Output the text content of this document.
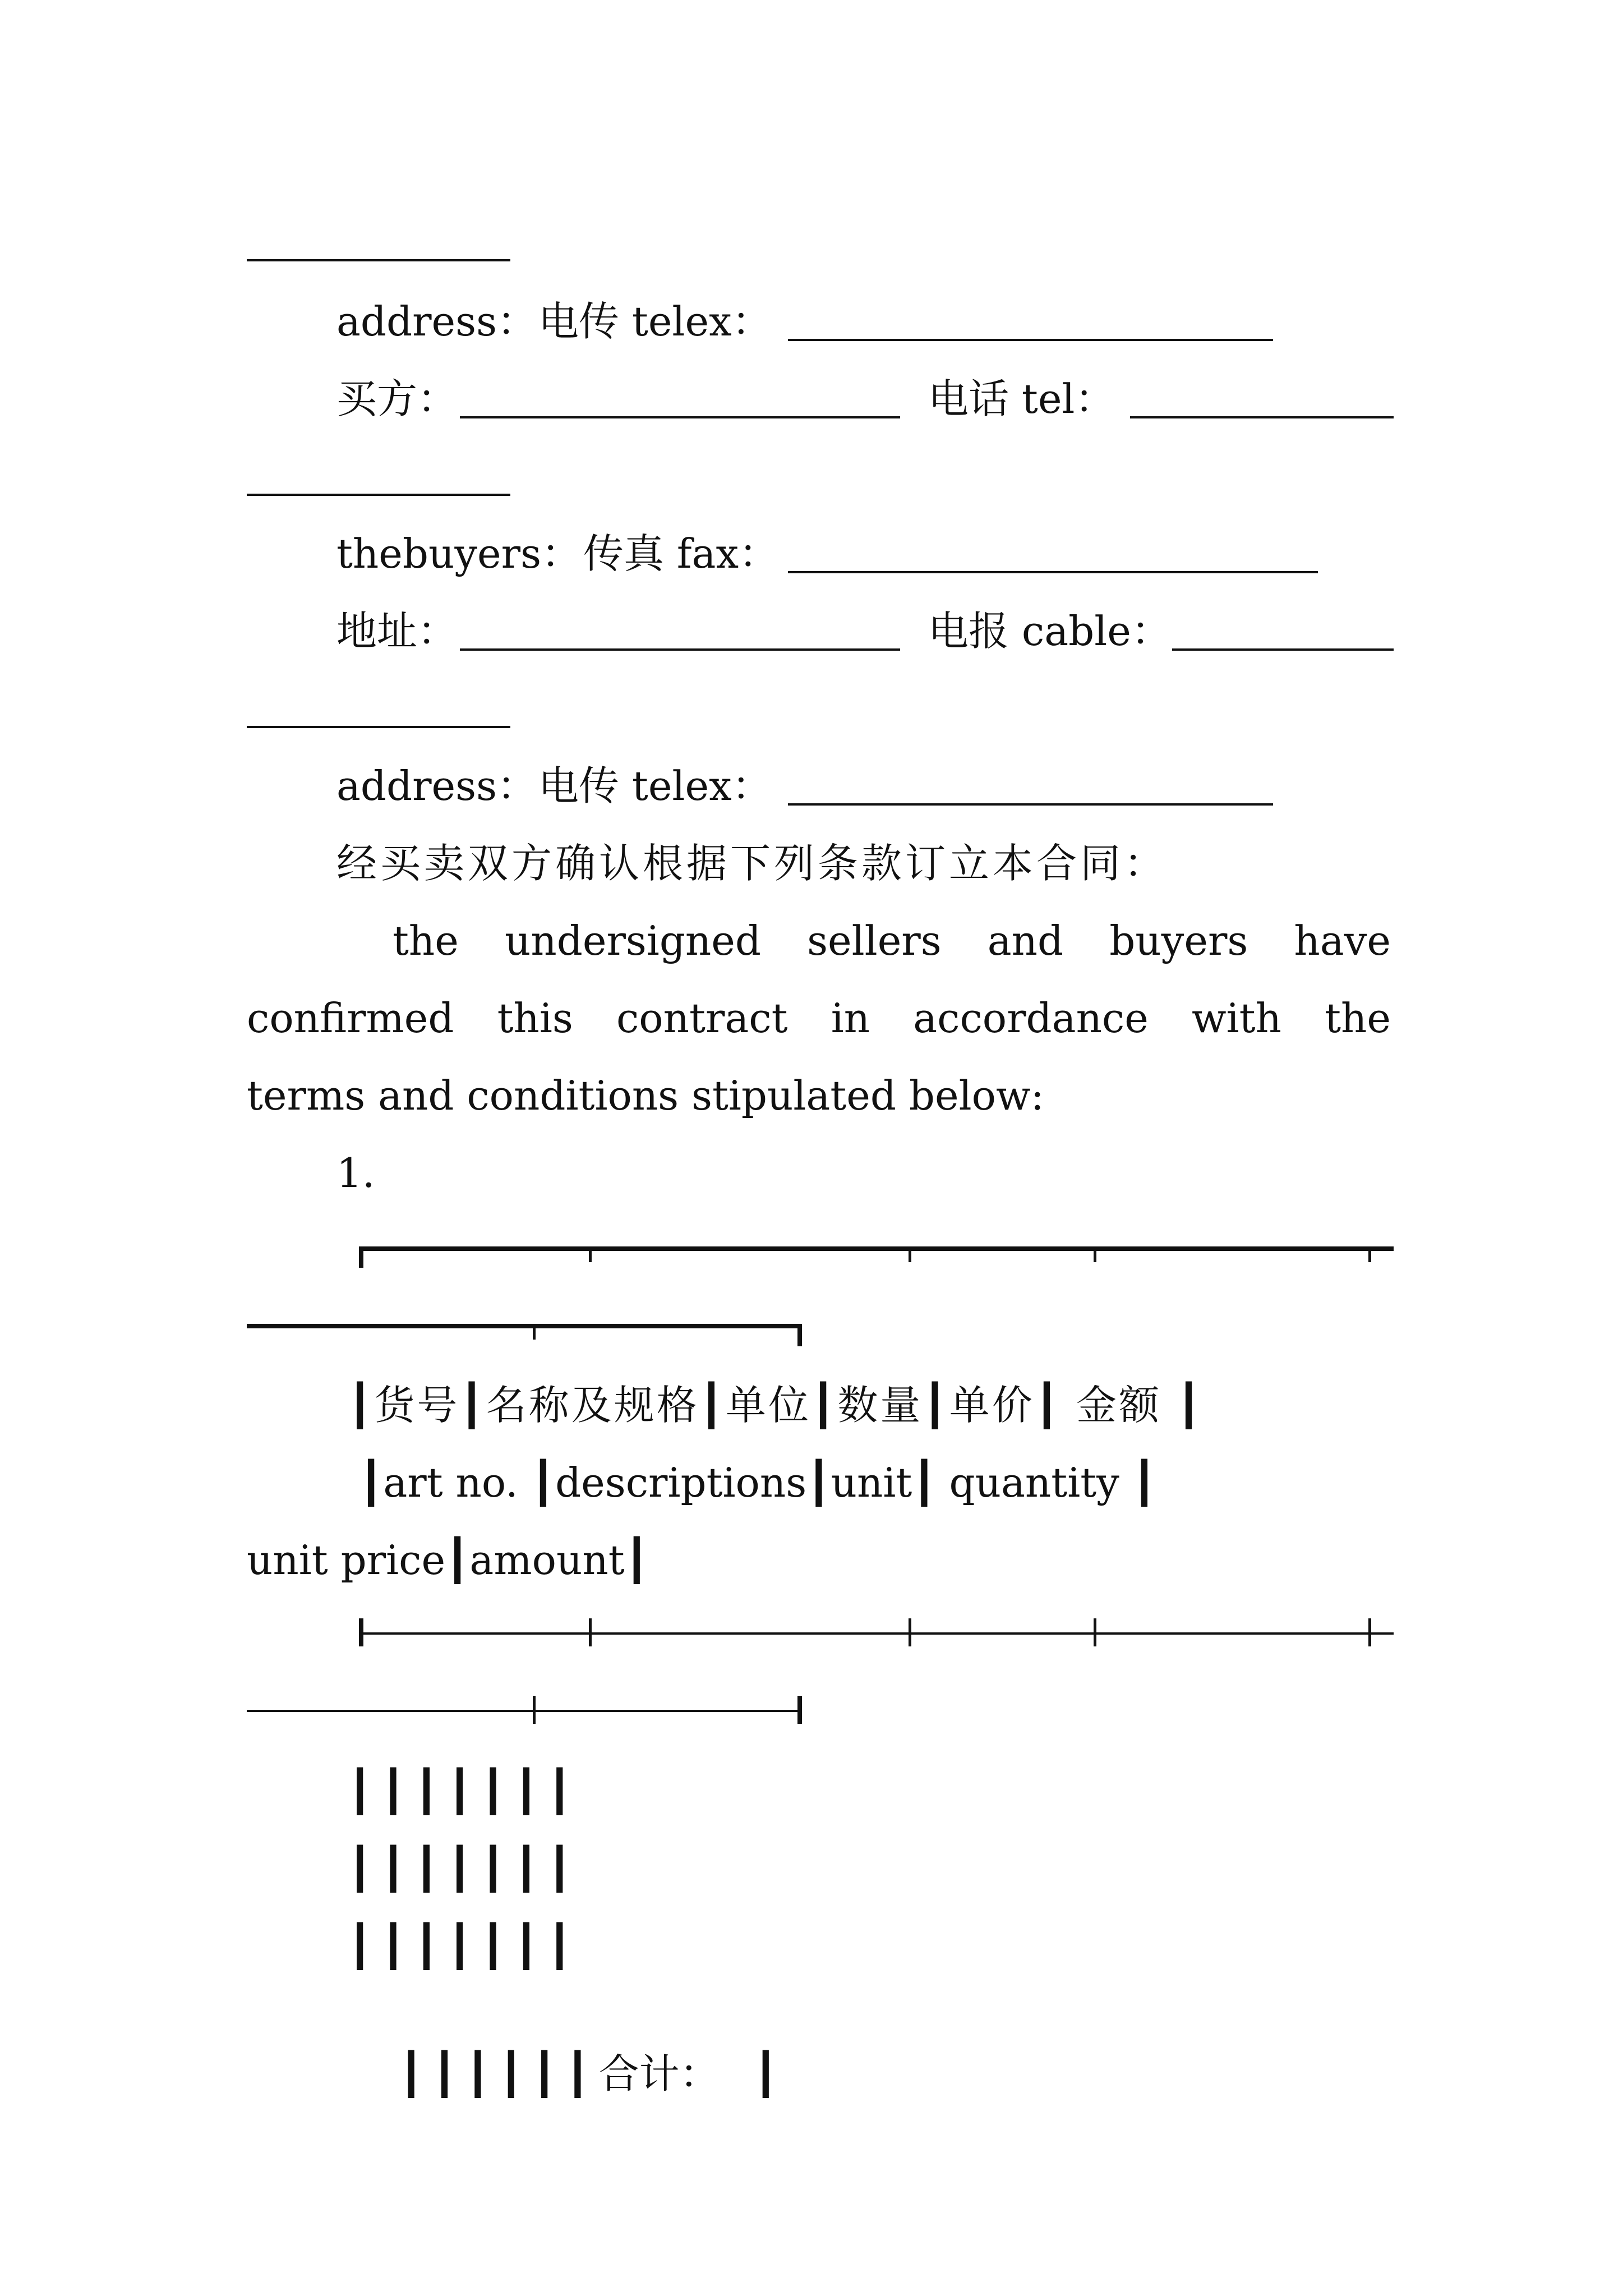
address： 电传 telex：
买方：	电话 tel：
thebuyers： 传真 fax：
地址：	电报 cable：
address： 电传 telex：
经买卖双方确认根据下列条款订立本合同：
the undersigned sellers and buyers have
confirmed this contract in accordance with the
terms and conditions stipulated below:
1.
┃货号┃名称及规格┃单位┃数量┃单价┃ 金额 ┃
┃art no. ┃descriptions┃unit┃ quantity ┃
unit price┃amount┃
┃┃┃┃┃┃┃
┃┃┃┃┃┃┃
┃┃┃┃┃┃┃

┃┃┃┃┃┃合计： ┃
